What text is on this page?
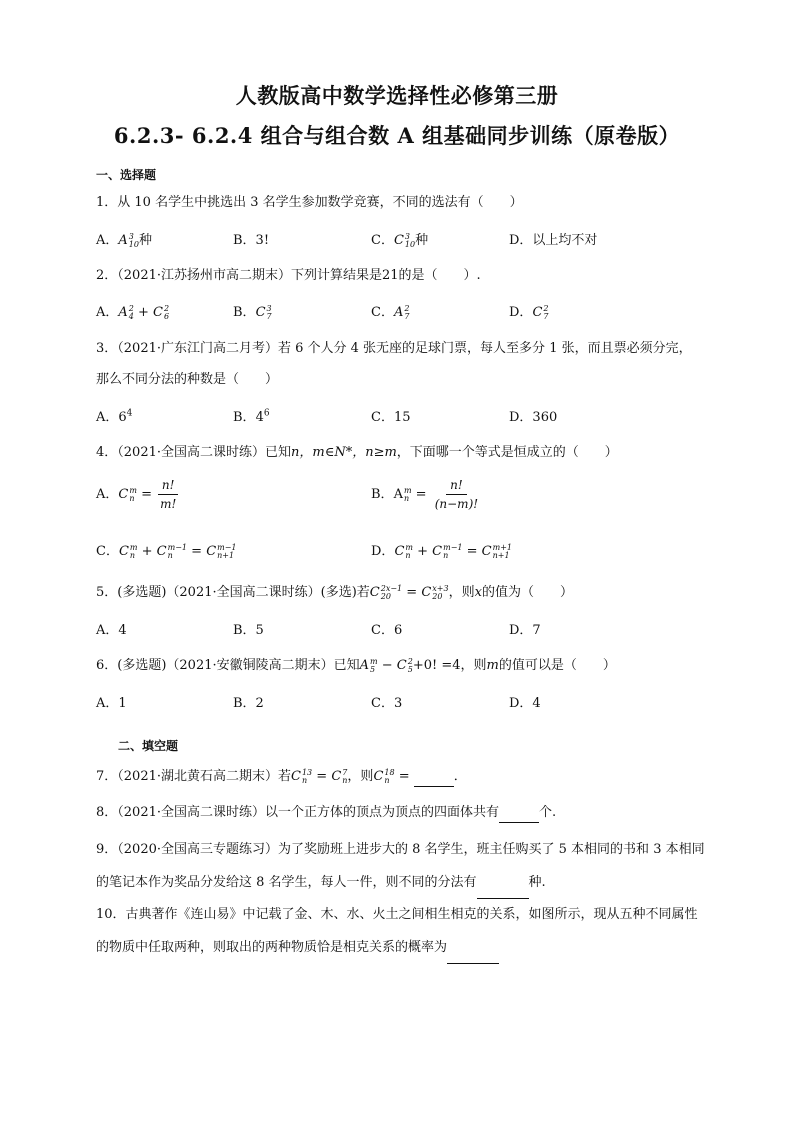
人教版高中数学选择性必修第三册
6.2.3- 6.2.4 组合与组合数 A 组基础同步训练（原卷版）
一、选择题
1．从 10 名学生中挑选出 3 名学生参加数学竞赛，不同的选法有（　　）
A．A 3
10 种	B．3!	C．C 3
10 种	D．以上均不对
2．（2021·江苏扬州市高二期末）下列计算结果是21的是（　　）.
A．A 2
4 + C 2
6	B．C 3
7	C．A 2
7	D．C 2
7
3．（2021·广东江门高二月考）若 6 个人分 4 张无座的足球门票，每人至多分 1 张，而且票必须分完，
那么不同分法的种数是（　　）
A．$6^4$	B．$4^6$	C．15	D．360
4．（2021·全国高二课时练）已知n，m∈N*，n≥m，下面哪一个等式是恒成立的（　　）
A．C m
$n = \frac{n!}{m!}$	B．A m
$n = \frac{n!}{(n-m)!}$
C．C m
n + C m−1
n	= C m−1
n+1	D．C m
n + C m−1
n	= C m+1
n+1
5．(多选题)（2021·全国高二课时练）(多选)若C 2x−1
20 = C x+3
20 ，则x的值为（　　）
A．4	B．5	C．6	D．7
6．(多选题)（2021·安徽铜陵高二期末）已知A m
5 − C 2
5 +0! =4，则m的值可以是（　　）
A．1	B．2	C．3	D．4
二、填空题
7．（2021·湖北黄石高二期末）若C 13
n = C 7
n ，则C 18
n =	．
8．（2021·全国高二课时练）以一个正方体的顶点为顶点的四面体共有	个.
9．（2020·全国高三专题练习）为了奖励班上进步大的 8 名学生，班主任购买了 5 本相同的书和 3 本相同的笔记本作为奖品分发给这 8 名学生，每人一件，则不同的分法有	种.
10．古典著作《连山易》中记载了金、木、水、火土之间相生相克的关系，如图所示，现从五种不同属性的物质中任取两种，则取出的两种物质恰是相克关系的概率为
